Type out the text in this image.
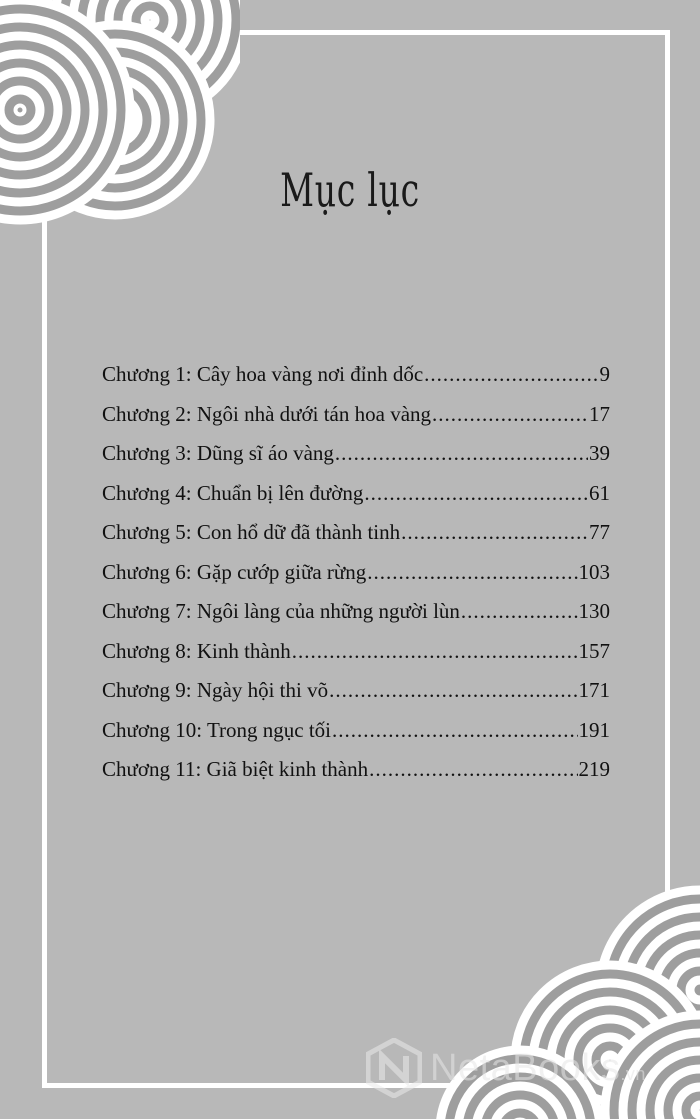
Mục lục
Chương 1: Cây hoa vàng nơi đỉnh dốc .....	9
Chương 2: Ngôi nhà dưới tán hoa vàng .....	17
Chương 3: Dũng sĩ áo vàng .....	39
Chương 4: Chuẩn bị lên đường .....	61
Chương 5: Con hổ dữ đã thành tinh .....	77
Chương 6: Gặp cướp giữa rừng .....	103
Chương 7: Ngôi làng của những người lùn .....	130
Chương 8: Kinh thành .....	157
Chương 9: Ngày hội thi võ .....	171
Chương 10: Trong ngục tối .....	191
Chương 11: Giã biệt kinh thành .....	219
NetaBooks.vn
